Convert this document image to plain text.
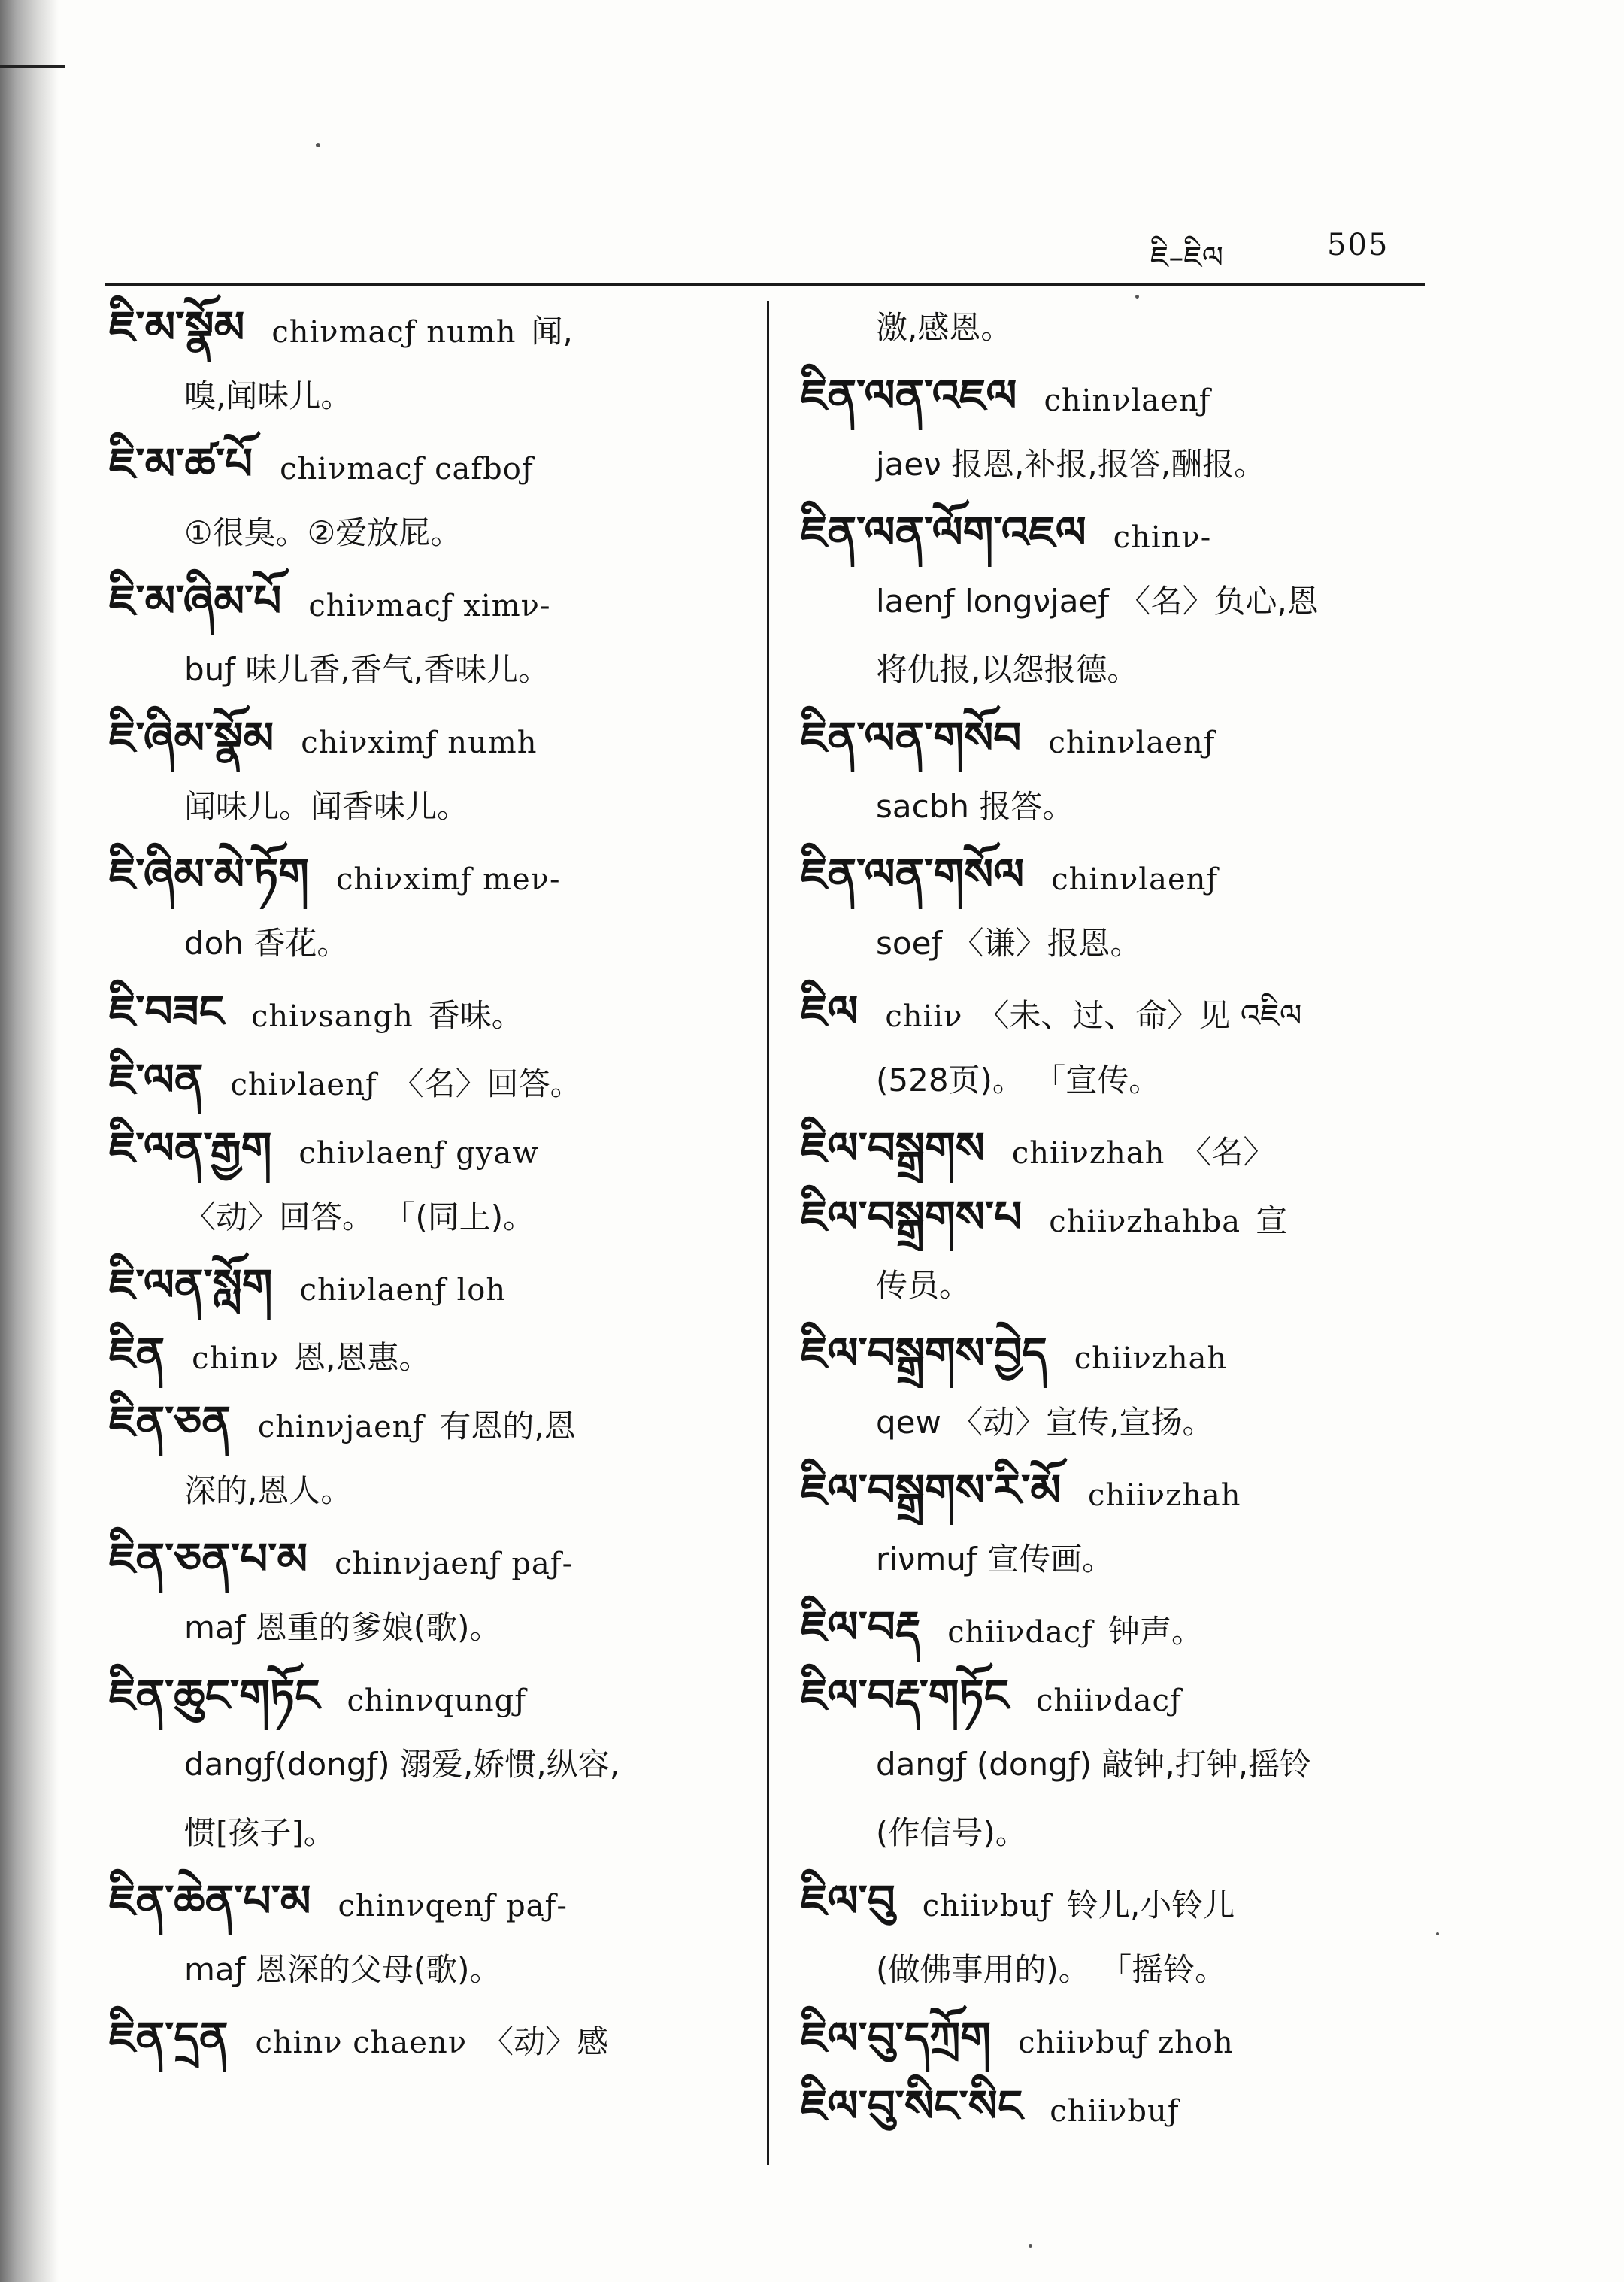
ཇི–ཇིལ	505
ཇི་མ་སྣོམ chiνmacƒ numh 闻,
嗅,闻味儿。
ཇི་མ་ཚ་པོ chiνmacƒ cafboƒ
①很臭。②爱放屁。
ཇི་མ་ཞིམ་པོ chiνmacƒ ximν-
buƒ 味儿香,香气,香味儿。
ཇི་ཞིམ་སྣོམ chiνximƒ numh
闻味儿。闻香味儿。
ཇི་ཞིམ་མེ་ཏོག chiνximƒ meν-
doh 香花。
ཇི་བཟང chiνsangh 香味。
ཇི་ལན chiνlaenƒ 〈名〉回答。
ཇི་ལན་རྒྱག chiνlaenƒ gyaw
〈动〉回答。 「(同上)。
ཇི་ལན་སློག chiνlaenƒ loh
ཇིན chinν 恩,恩惠。
ཇིན་ཅན chinνjaenƒ 有恩的,恩
深的,恩人。
ཇིན་ཅན་པ་མ chinνjaenƒ paƒ-
maƒ 恩重的爹娘(歌)。
ཇིན་ཆུང་གཏོང chinνqungƒ
dangƒ(dongƒ) 溺爱,娇惯,纵容,
惯[孩子]。
ཇིན་ཆེན་པ་མ chinνqenƒ paƒ-
maƒ 恩深的父母(歌)。
ཇིན་དྲན chinν chaenν 〈动〉感
激,感恩。
ཇིན་ལན་འཇལ chinνlaenƒ
jaeν 报恩,补报,报答,酬报。
ཇིན་ལན་ལོག་འཇལ chinν-
laenƒ longνjaeƒ 〈名〉负心,恩
将仇报,以怨报德。
ཇིན་ལན་གསོབ chinνlaenƒ
sacbh 报答。
ཇིན་ལན་གསོལ chinνlaenƒ
soeƒ 〈谦〉报恩。
ཇིལ chiiν 〈未、过、命〉见 འཇིལ
(528页)。 「宣传。
ཇིལ་བསྒྲགས chiiνzhah 〈名〉
ཇིལ་བསྒྲགས་པ chiiνzhahba 宣
传员。
ཇིལ་བསྒྲགས་བྱེད chiiνzhah
qew 〈动〉宣传,宣扬。
ཇིལ་བསྒྲགས་རི་མོ chiiνzhah
riνmuƒ 宣传画。
ཇིལ་བརྡ chiiνdacƒ 钟声。
ཇིལ་བརྡ་གཏོང chiiνdacƒ
dangƒ (dongƒ) 敲钟,打钟,摇铃
(作信号)。
ཇིལ་བུ chiiνbuƒ 铃儿,小铃儿
(做佛事用的)。 「摇铃。
ཇིལ་བུ་དཀྲོག chiiνbuƒ zhoh
ཇིལ་བུ་སིང་སིང chiiνbuƒ
